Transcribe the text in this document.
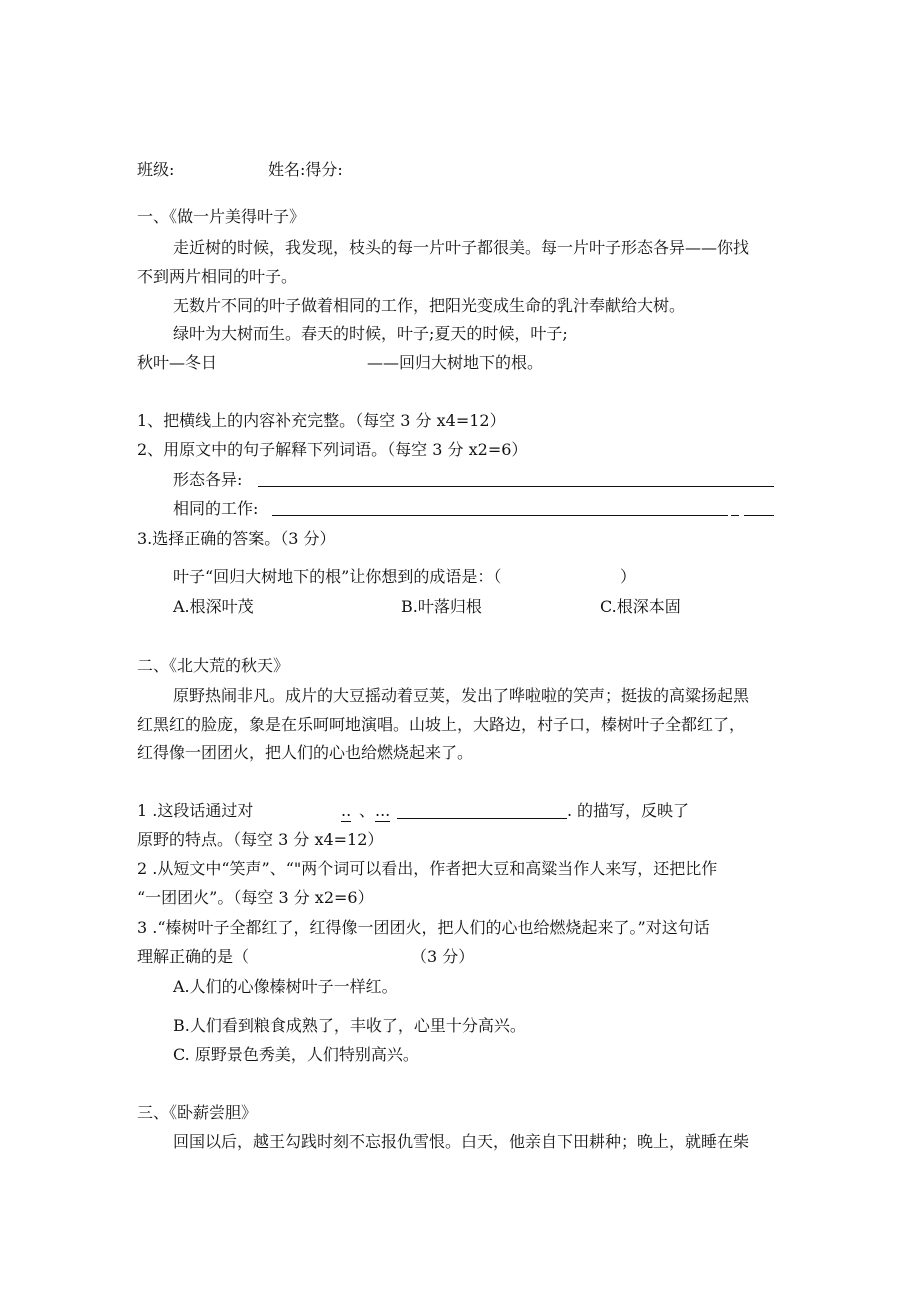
班级:	姓名:得分:
一、《做一片美得叶子》
走近树的时候，我发现，枝头的每一片叶子都很美。每一片叶子形态各异——你找
不到两片相同的叶子。
无数片不同的叶子做着相同的工作，把阳光变成生命的乳汁奉献给大树。
绿叶为大树而生。春天的时候，叶子;夏天的时候，叶子;
秋叶—冬日	——回归大树地下的根。
1、把横线上的内容补充完整。（每空 3 分 x4=12）
2、用原文中的句子解释下列词语。（每空 3 分 x2=6）
形态各异:
相同的工作:
3.选择正确的答案。（3 分）
叶子“回归大树地下的根”让你想到的成语是：（	）
A.根深叶茂	B.叶落归根	C.根深本固
二、《北大荒的秋天》
原野热闹非凡。成片的大豆摇动着豆荚，发出了哗啦啦的笑声；挺拔的高粱扬起黑
红黑红的脸庞，象是在乐呵呵地演唱。山坡上，大路边，村子口，榛树叶子全都红了，
红得像一团团火，把人们的心也给燃烧起来了。
1 .这段话通过对	.. 、 ...	. 的描写，反映了
原野的特点。（每空 3 分 x4=12）
2 .从短文中“笑声”、“"两个词可以看出，作者把大豆和高粱当作人来写，还把比作
“一团团火”。（每空 3 分 x2=6）
3 .“榛树叶子全都红了，红得像一团团火，把人们的心也给燃烧起来了。”对这句话
理解正确的是（	（3 分）
A.人们的心像榛树叶子一样红。
B.人们看到粮食成熟了，丰收了，心里十分高兴。
C. 原野景色秀美，人们特别高兴。
三、《卧薪尝胆》
回国以后，越王勾践时刻不忘报仇雪恨。白天，他亲自下田耕种；晚上，就睡在柴
